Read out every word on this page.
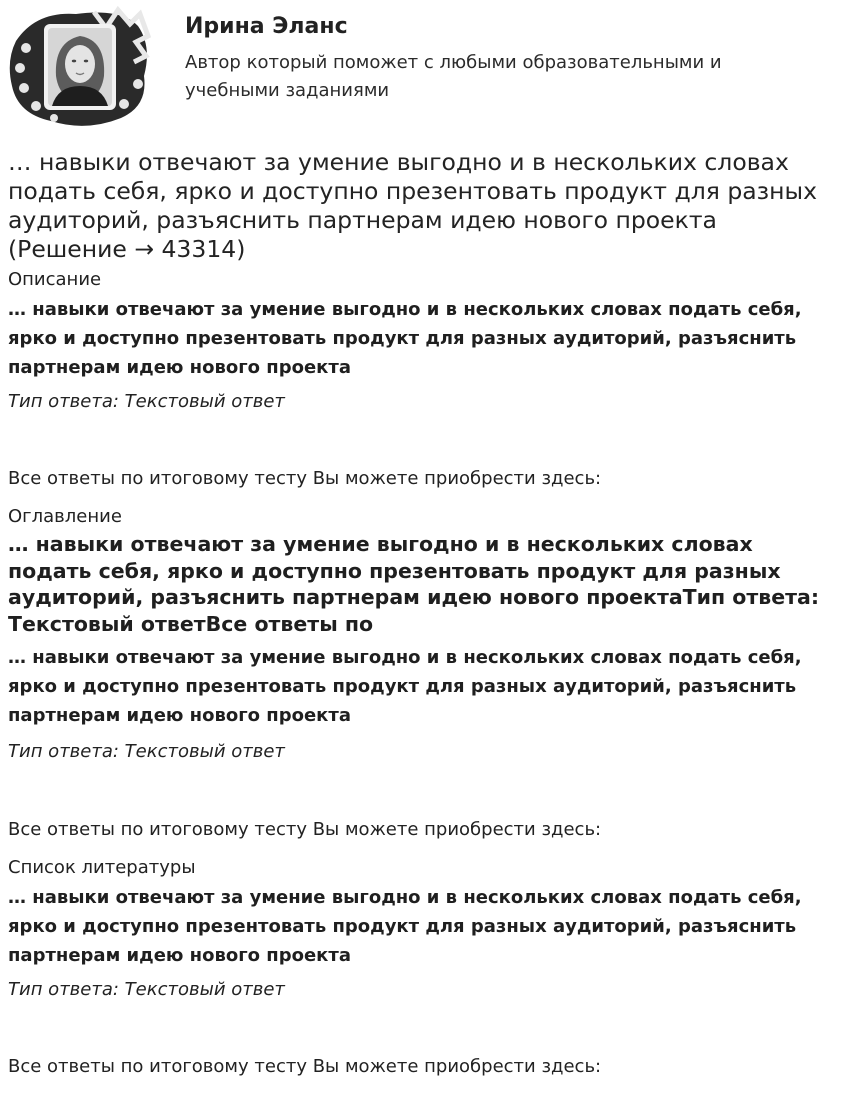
Ирина Эланс
Автор который поможет с любыми образовательными и учебными заданиями
… навыки отвечают за умение выгодно и в нескольких словах подать себя, ярко и доступно презентовать продукт для разных аудиторий, разъяснить партнерам идею нового проекта (Решение → 43314)

Описание

… навыки отвечают за умение выгодно и в нескольких словах подать себя, ярко и доступно презентовать продукт для разных аудиторий, разъяснить партнерам идею нового проекта

Тип ответа: Текстовый ответ

Все ответы по итоговому тесту Вы можете приобрести здесь:

Оглавление

… навыки отвечают за умение выгодно и в нескольких словах подать себя, ярко и доступно презентовать продукт для разных аудиторий, разъяснить партнерам идею нового проектаТип ответа: Текстовый ответВсе ответы по

… навыки отвечают за умение выгодно и в нескольких словах подать себя, ярко и доступно презентовать продукт для разных аудиторий, разъяснить партнерам идею нового проекта

Тип ответа: Текстовый ответ

Все ответы по итоговому тесту Вы можете приобрести здесь:

Список литературы

… навыки отвечают за умение выгодно и в нескольких словах подать себя, ярко и доступно презентовать продукт для разных аудиторий, разъяснить партнерам идею нового проекта

Тип ответа: Текстовый ответ

Все ответы по итоговому тесту Вы можете приобрести здесь:
